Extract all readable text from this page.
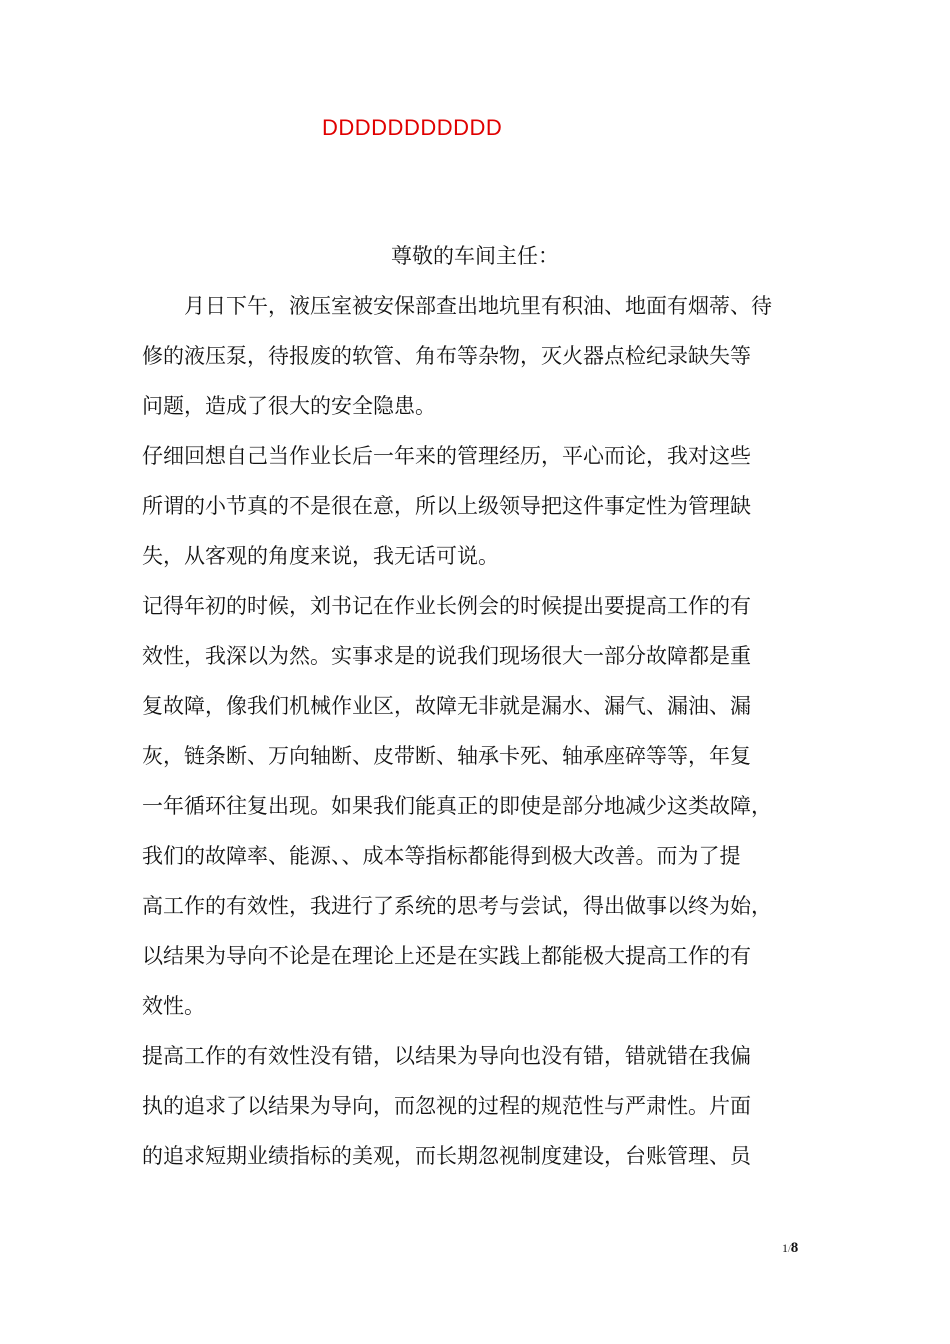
DDDDDDDDDDD
尊敬的车间主任：

　　月日下午，液压室被安保部查出地坑里有积油、地面有烟蒂、待

修的液压泵，待报废的软管、角布等杂物，灭火器点检纪录缺失等

问题，造成了很大的安全隐患。

仔细回想自己当作业长后一年来的管理经历，平心而论，我对这些

所谓的小节真的不是很在意，所以上级领导把这件事定性为管理缺

失，从客观的角度来说，我无话可说。

记得年初的时候，刘书记在作业长例会的时候提出要提高工作的有

效性，我深以为然。实事求是的说我们现场很大一部分故障都是重

复故障，像我们机械作业区，故障无非就是漏水、漏气、漏油、漏

灰，链条断、万向轴断、皮带断、轴承卡死、轴承座碎等等，年复

一年循环往复出现。如果我们能真正的即使是部分地减少这类故障，

我们的故障率、能源、、成本等指标都能得到极大改善。而为了提

高工作的有效性，我进行了系统的思考与尝试，得出做事以终为始，

以结果为导向不论是在理论上还是在实践上都能极大提高工作的有

效性。

提高工作的有效性没有错，以结果为导向也没有错，错就错在我偏

执的追求了以结果为导向，而忽视的过程的规范性与严肃性。片面

的追求短期业绩指标的美观，而长期忽视制度建设，台账管理、员

1/8
